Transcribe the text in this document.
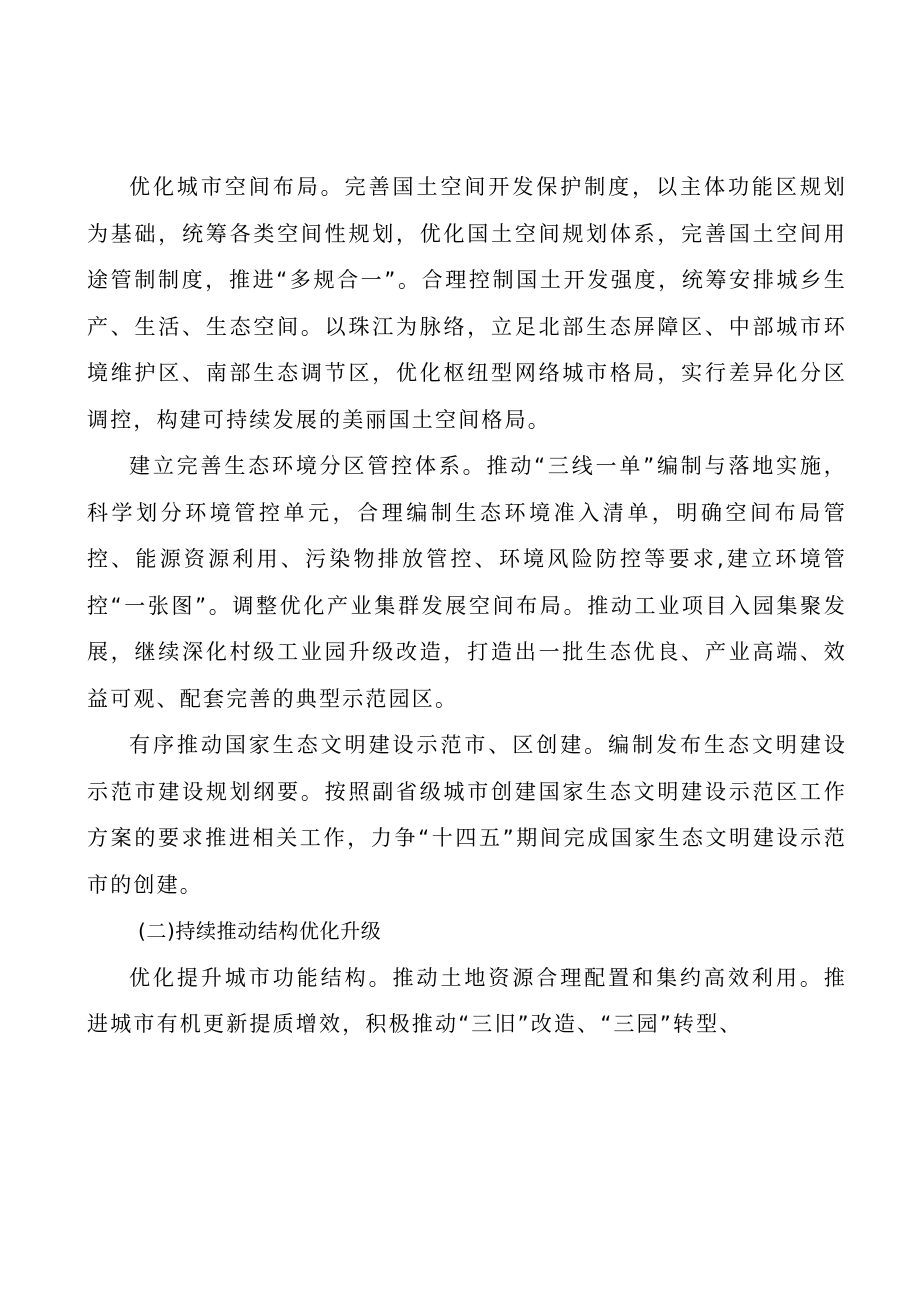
优化城市空间布局。完善国土空间开发保护制度，以主体功能区规划为基础，统筹各类空间性规划，优化国土空间规划体系，完善国土空间用途管制制度，推进“多规合一”。合理控制国土开发强度，统筹安排城乡生产、生活、生态空间。以珠江为脉络，立足北部生态屏障区、中部城市环境维护区、南部生态调节区，优化枢纽型网络城市格局，实行差异化分区调控，构建可持续发展的美丽国土空间格局。

建立完善生态环境分区管控体系。推动“三线一单”编制与落地实施，科学划分环境管控单元，合理编制生态环境准入清单，明确空间布局管控、能源资源利用、污染物排放管控、环境风险防控等要求,建立环境管控“一张图”。调整优化产业集群发展空间布局。推动工业项目入园集聚发展，继续深化村级工业园升级改造，打造出一批生态优良、产业高端、效益可观、配套完善的典型示范园区。

有序推动国家生态文明建设示范市、区创建。编制发布生态文明建设示范市建设规划纲要。按照副省级城市创建国家生态文明建设示范区工作方案的要求推进相关工作，力争“十四五”期间完成国家生态文明建设示范市的创建。

(二)持续推动结构优化升级

优化提升城市功能结构。推动土地资源合理配置和集约高效利用。推进城市有机更新提质增效，积极推动“三旧”改造、“三园”转型、
